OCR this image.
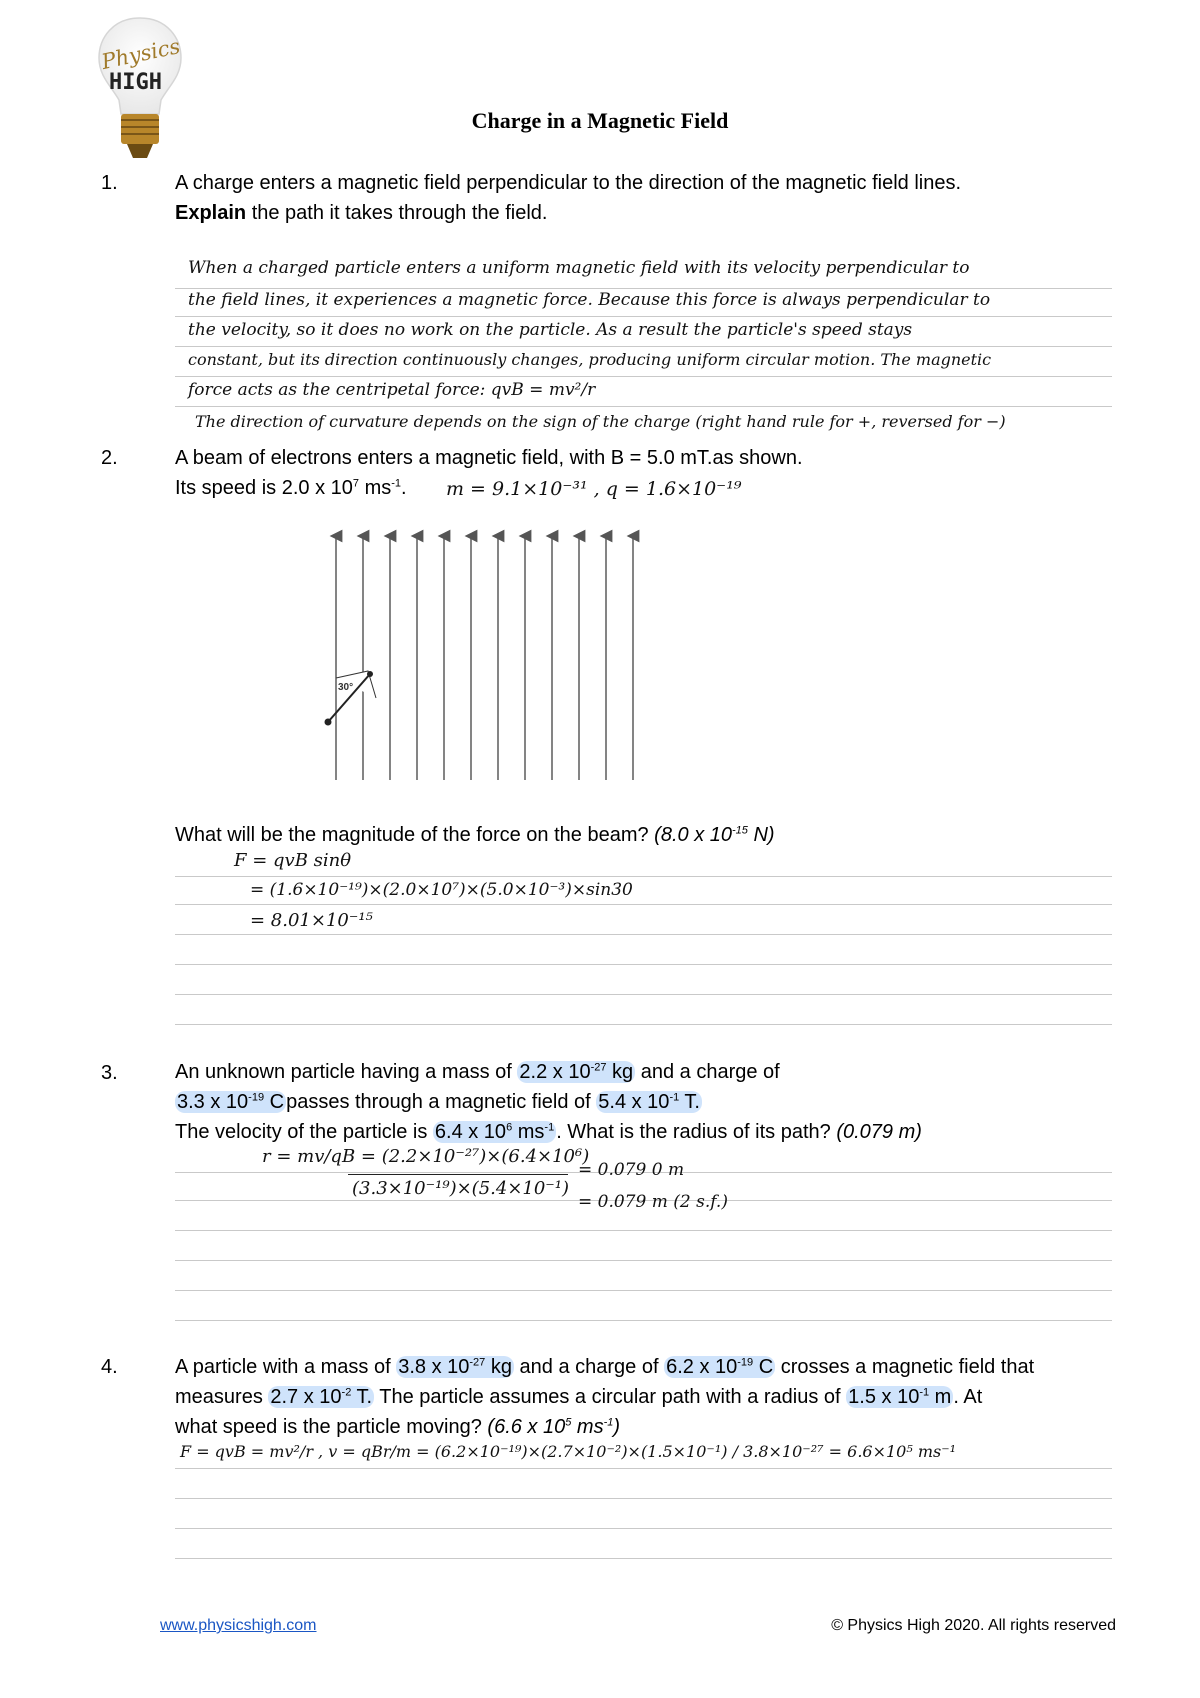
Physics
HIGH
Charge in a Magnetic Field
1.	A charge enters a magnetic field perpendicular to the direction of the magnetic field lines.
Explain the path it takes through the field.
When a charged particle enters a uniform magnetic field with its velocity perpendicular to
the field lines, it experiences a magnetic force. Because this force is always perpendicular to
the velocity, so it does no work on the particle. As a result the particle's speed stays
constant, but its direction continuously changes, producing uniform circular motion. The magnetic
force acts as the centripetal force: qvB = mv²/r
The direction of curvature depends on the sign of the charge (right hand rule for +, reversed for −)
2.	A beam of electrons enters a magnetic field, with B = 5.0 mT.as shown.
Its speed is 2.0 x $10^7$ $ms^{-1}$.	m = 9.1×10⁻³¹ , q = 1.6×10⁻¹⁹
30°
What will be the magnitude of the force on the beam? (8.0 x $10^{-15}$ N)
F = qvB sinθ
= (1.6×10⁻¹⁹)×(2.0×10⁷)×(5.0×10⁻³)×sin30
= 8.01×10⁻¹⁵
3.	An unknown particle having a mass of 2.2 x $10^{-27}$ kg and a charge of
3.3 x $10^{-19}$ C passes through a magnetic field of 5.4 x $10^{-1}$ T.
The velocity of the particle is 6.4 x $10^6$ $ms^{-1}$ . What is the radius of its path? (0.079 m)
r = mv/qB = (2.2×10⁻²⁷)×(6.4×10⁶)
(3.3×10⁻¹⁹)×(5.4×10⁻¹)
= 0.079 0 m
= 0.079 m (2 s.f.)
4.	A particle with a mass of 3.8 x $10^{-27}$ kg and a charge of 6.2 x $10^{-19}$ C crosses a magnetic field that
measures 2.7 x $10^{-2}$ T. The particle assumes a circular path with a radius of 1.5 x $10^{-1}$ m . At
what speed is the particle moving? (6.6 x $10^5$ $ms^{-1}$)
F = qvB = mv²/r , v = qBr/m = (6.2×10⁻¹⁹)×(2.7×10⁻²)×(1.5×10⁻¹) / 3.8×10⁻²⁷ = 6.6×10⁵ ms⁻¹
www.physicshigh.com	© Physics High 2020. All rights reserved
